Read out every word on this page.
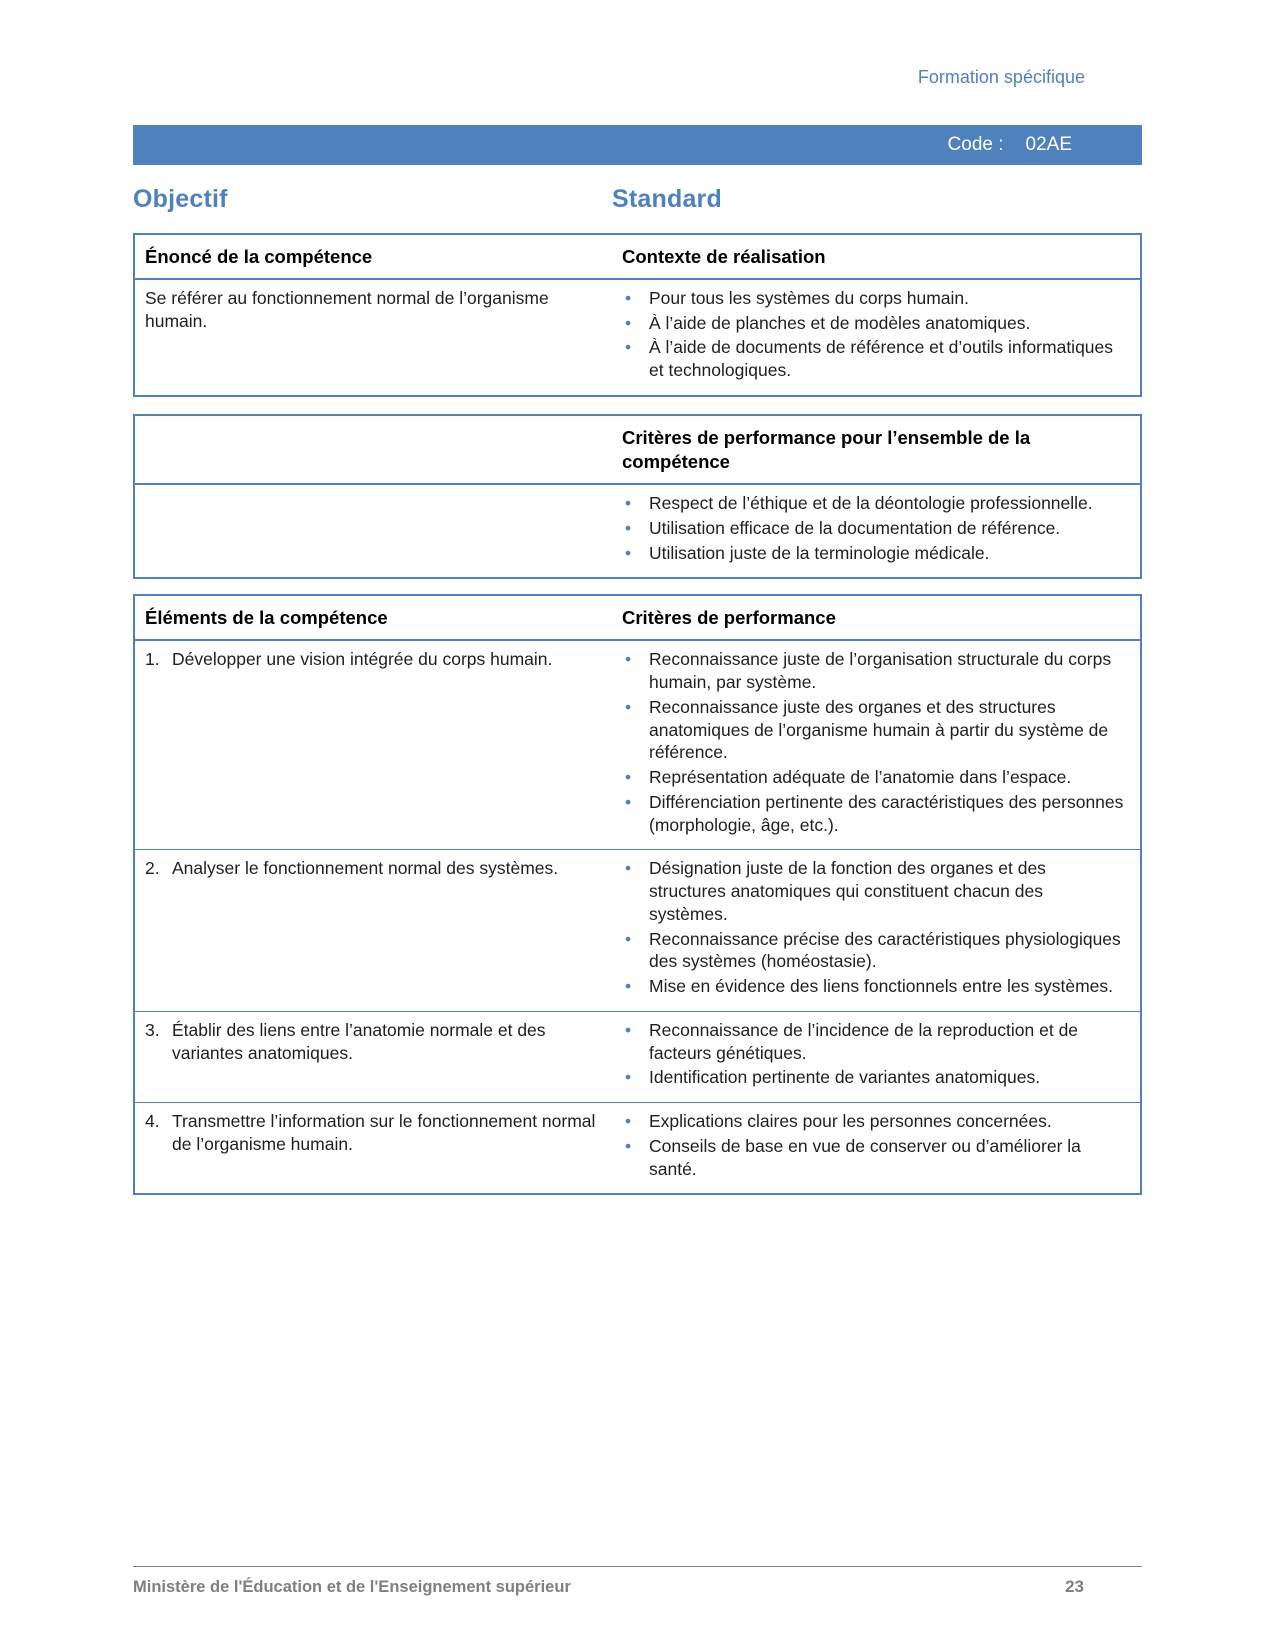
Formation spécifique
Code : 02AE
Objectif	Standard
Énoncé de la compétence	Contexte de réalisation

Se référer au fonctionnement normal de l’organisme humain.

•	Pour tous les systèmes du corps humain.
•	À l’aide de planches et de modèles anatomiques.
•	À l’aide de documents de référence et d’outils informatiques et technologiques.
Critères de performance pour l’ensemble de la compétence
•	Respect de l’éthique et de la déontologie professionnelle.
•	Utilisation efficace de la documentation de référence.
•	Utilisation juste de la terminologie médicale.
Éléments de la compétence	Critères de performance
1. Développer une vision intégrée du corps humain.	•	Reconnaissance juste de l’organisation structurale du corps humain, par système.
•	Reconnaissance juste des organes et des structures anatomiques de l’organisme humain à partir du système de référence.
•	Représentation adéquate de l’anatomie dans l’espace.
•	Différenciation pertinente des caractéristiques des personnes (morphologie, âge, etc.).
2. Analyser le fonctionnement normal des systèmes.	•	Désignation juste de la fonction des organes et des structures anatomiques qui constituent chacun des systèmes.
•	Reconnaissance précise des caractéristiques physiologiques des systèmes (homéostasie).
•	Mise en évidence des liens fonctionnels entre les systèmes.
3. Établir des liens entre l’anatomie normale et des variantes anatomiques.
•	Reconnaissance de l’incidence de la reproduction et de facteurs génétiques.
•	Identification pertinente de variantes anatomiques.
4. Transmettre l’information sur le fonctionnement normal de l’organisme humain.
•	Explications claires pour les personnes concernées.
•	Conseils de base en vue de conserver ou d’améliorer la santé.
Ministère de l'Éducation et de l'Enseignement supérieur	23
